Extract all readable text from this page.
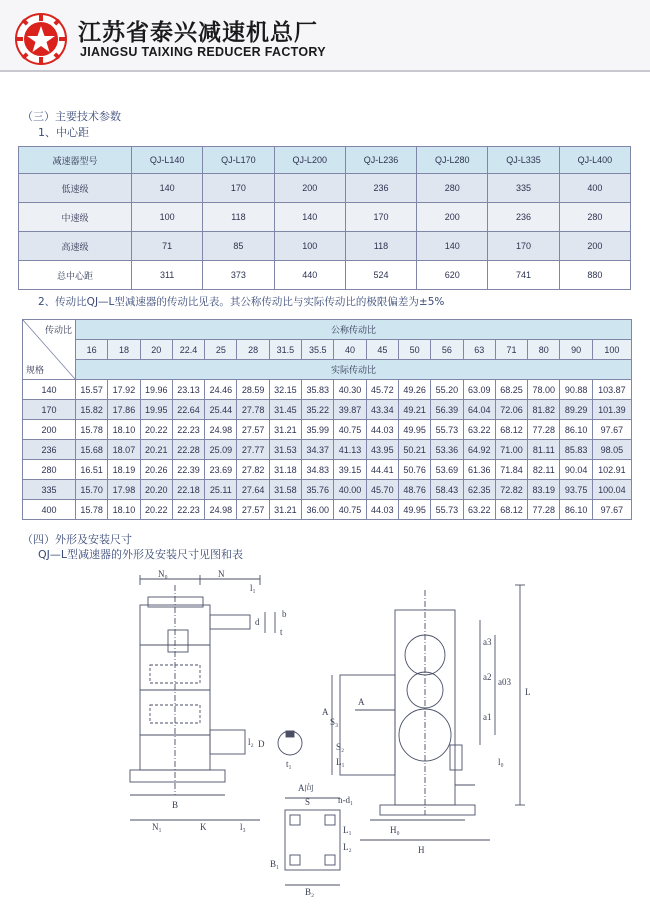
江苏省泰兴减速机总厂
JIANGSU TAIXING REDUCER FACTORY
（三）主要技术参数
1、中心距
减速器型号	QJ-L140	QJ-L170	QJ-L200	QJ-L236	QJ-L280	QJ-L335	QJ-L400
低速级	140	170	200	236	280	335	400
中速级	100	118	140	170	200	236	280
高速级	71	85	100	118	140	170	200
总中心距	311	373	440	524	620	741	880
2、传动比QJ—L型减速器的传动比见表。其公称传动比与实际传动比的极限偏差为±5%
传动比
规格	公称传动比																
	16	18	20	22.4	25	28	31.5	35.5	40	45	50	56	63	71	80	90	100
	实际传动比																
140	15.57	17.92	19.96	23.13	24.46	28.59	32.15	35.83	40.30	45.72	49.26	55.20	63.09	68.25	78.00	90.88	103.87
170	15.82	17.86	19.95	22.64	25.44	27.78	31.45	35.22	39.87	43.34	49.21	56.39	64.04	72.06	81.82	89.29	101.39
200	15.78	18.10	20.22	22.23	24.98	27.57	31.21	35.99	40.75	44.03	49.95	55.73	63.22	68.12	77.28	86.10	97.67
236	15.68	18.07	20.21	22.28	25.09	27.77	31.53	34.37	41.13	43.95	50.21	53.36	64.92	71.00	81.11	85.83	98.05
280	16.51	18.19	20.26	22.39	23.69	27.82	31.18	34.83	39.15	44.41	50.76	53.69	61.36	71.84	82.11	90.04	102.91
335	15.70	17.98	20.20	22.18	25.11	27.64	31.58	35.76	40.00	45.70	48.76	58.43	62.35	72.82	83.19	93.75	100.04
400	15.78	18.10	20.22	22.23	24.98	27.57	31.21	36.00	40.75	44.03	49.95	55.73	63.22	68.12	77.28	86.10	97.67
（四）外形及安装尺寸
QJ—L型减速器的外形及安装尺寸见图和表
N₀	N
l₁
d
b
t
D
l₂
t₁
B
N₁	K	l₃
A向
S	n-d₁
B₁
B₂
L₁
L₂
A
A
S₃
S₂
L₁
H₀
H
a3
a2
a1
a03
L
l₀
